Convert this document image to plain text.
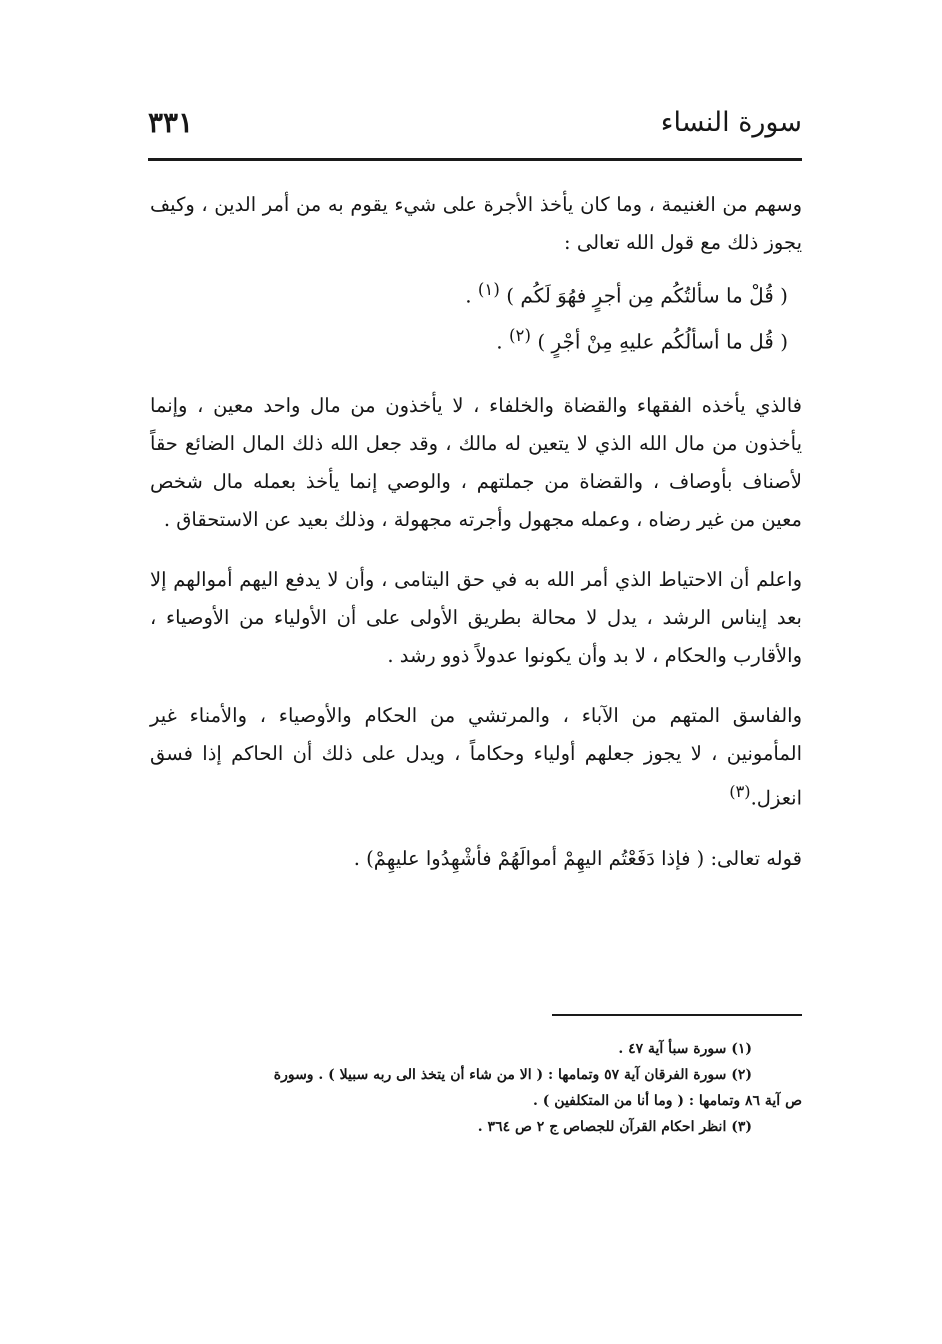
سورة النساء
٣٣١

وسهم من الغنيمة ، وما كان يأخذ الأجرة على شيء يقوم به من أمر الدين ، وكيف يجوز ذلك مع قول الله تعالى :

( قُلْ ما سألتُكُم مِن أجرٍ فهُوَ لَكُم ) $^{(١)}$ .

( قُل ما أسألُكُم عليهِ مِنْ أجْرٍ ) $^{(٢)}$ .

فالذي يأخذه الفقهاء والقضاة والخلفاء ، لا يأخذون من مال واحد معين ، وإنما يأخذون من مال الله الذي لا يتعين له مالك ، وقد جعل الله ذلك المال الضائع حقاً لأصناف بأوصاف ، والقضاة من جملتهم ، والوصي إنما يأخذ بعمله مال شخص معين من غير رضاه ، وعمله مجهول وأجرته مجهولة ، وذلك بعيد عن الاستحقاق .

واعلم أن الاحتياط الذي أمر الله به في حق اليتامى ، وأن لا يدفع اليهم أموالهم إلا بعد إيناس الرشد ، يدل لا محالة بطريق الأولى على أن الأولياء من الأوصياء ، والأقارب والحكام ، لا بد وأن يكونوا عدولاً ذوو رشد .

والفاسق المتهم من الآباء ، والمرتشي من الحكام والأوصياء ، والأمناء غير المأمونين ، لا يجوز جعلهم أولياء وحكاماً ، ويدل على ذلك أن الحاكم إذا فسق انعزل.$^{(٣)}$

قوله تعالى: ( فإذا دَفَعْتُم اليهِمْ أموالَهُمْ فأشْهِدُوا عليهِمْ) .

(١) سورة سبأ آية ٤٧ .

(٢) سورة الفرقان آية ٥٧ وتمامها : ( الا من شاء أن يتخذ الى ربه سبيلا ) . وسورة

ص آية ٨٦ وتمامها : ( وما أنا من المتكلفين ) .

(٣) انظر احكام القرآن للجصاص ج ٢ ص ٣٦٤ .
